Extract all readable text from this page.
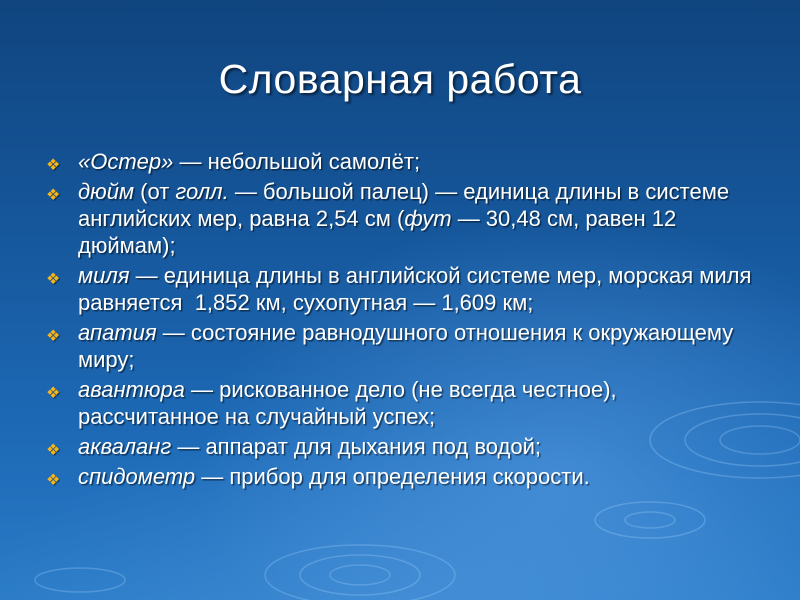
Словарная работа
❖ «Остер» — небольшой самолёт;
❖ дюйм (от голл. — большой палец) — единица длины в системе английских мер, равна 2,54 см (фут — 30,48 см, равен 12 дюймам);
❖ миля — единица длины в английской системе мер, морская миля равняется  1,852 км, сухопутная — 1,609 км;
❖ апатия — состояние равнодушного отношения к окружающему миру;
❖ авантюра — рискованное дело (не всегда честное), рассчитанное на случайный успех;
❖ акваланг — аппарат для дыхания под водой;
❖ спидометр — прибор для определения скорости.
